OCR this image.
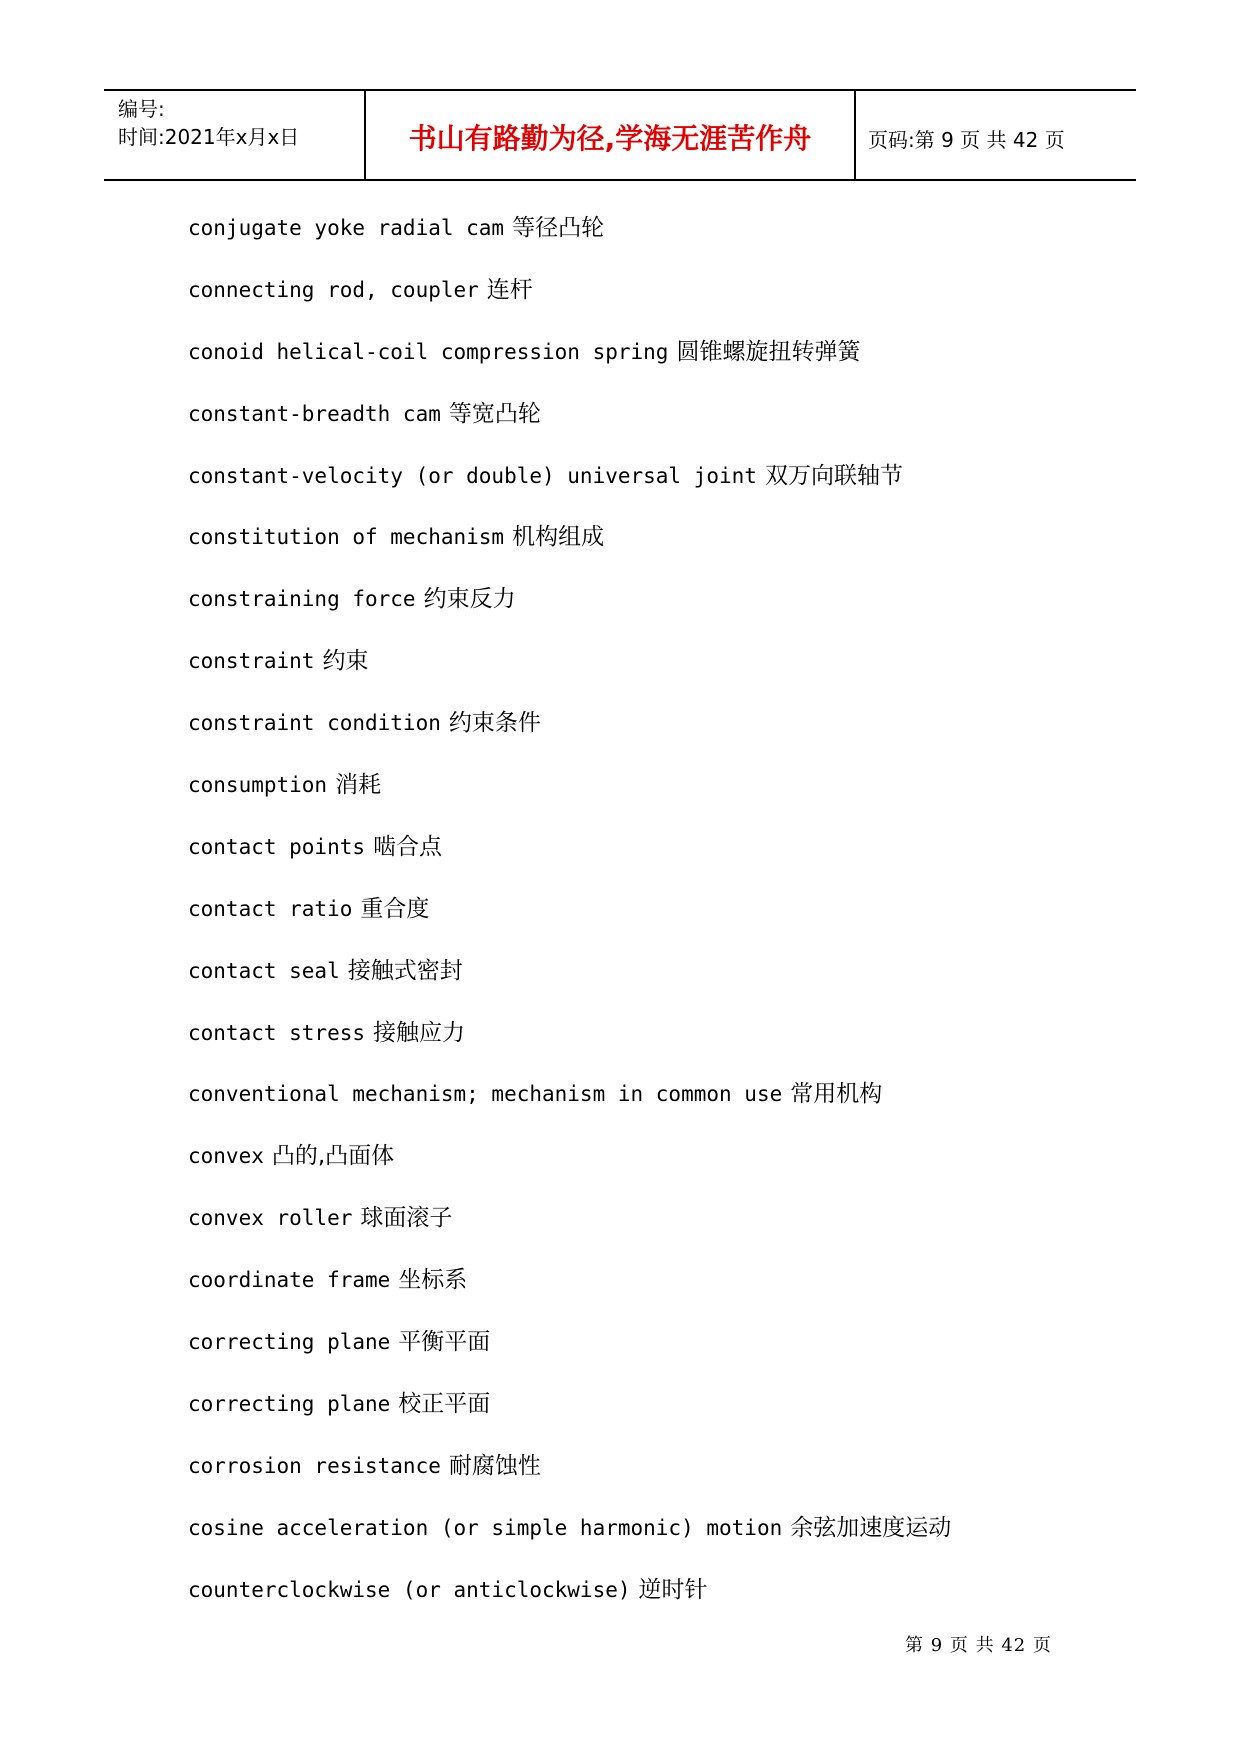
编号:
时间:2021年x月x日	书山有路勤为径,学海无涯苦作舟	页码:第 9 页 共 42 页
conjugate yoke radial cam 等径凸轮
connecting rod, coupler 连杆
conoid helical-coil compression spring 圆锥螺旋扭转弹簧
constant-breadth cam 等宽凸轮
constant-velocity (or double) universal joint 双万向联轴节
constitution of mechanism 机构组成
constraining force 约束反力
constraint 约束
constraint condition 约束条件
consumption 消耗
contact points 啮合点
contact ratio 重合度
contact seal 接触式密封
contact stress 接触应力
conventional mechanism; mechanism in common use 常用机构
convex 凸的,凸面体
convex roller 球面滚子
coordinate frame 坐标系
correcting plane 平衡平面
correcting plane 校正平面
corrosion resistance 耐腐蚀性
cosine acceleration (or simple harmonic) motion 余弦加速度运动
counterclockwise (or anticlockwise) 逆时针
第 9 页 共 42 页
